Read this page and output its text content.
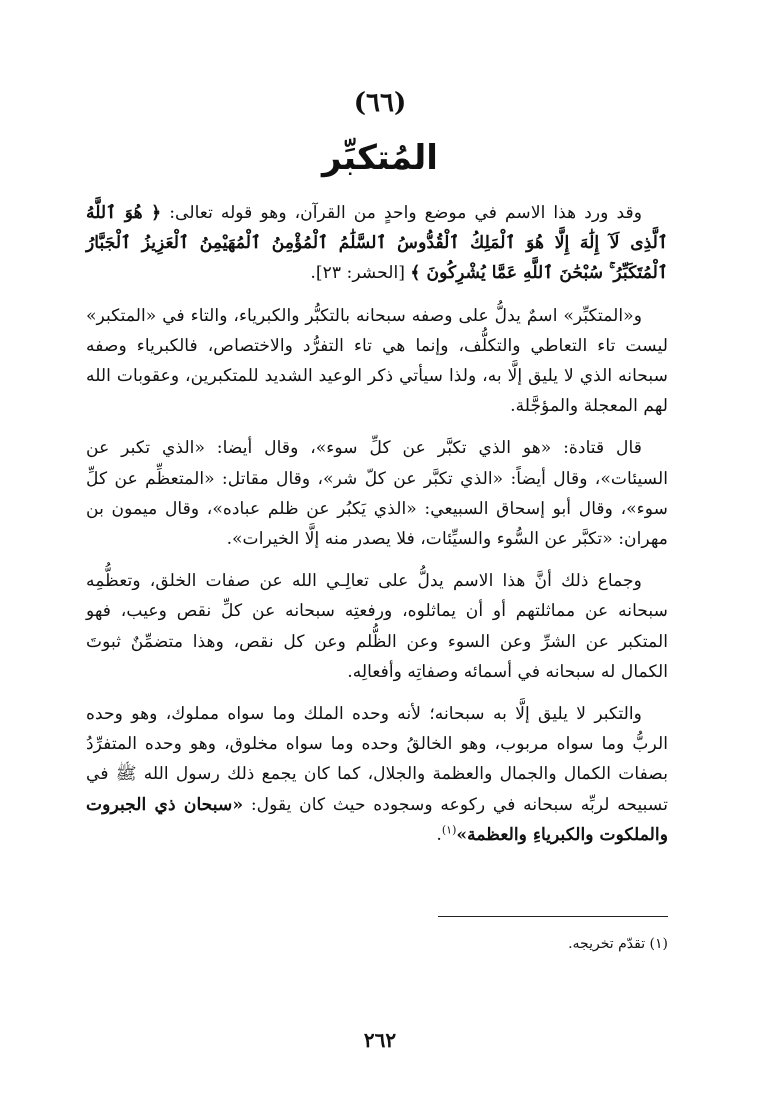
(٦٦)
المُتكبِّر

وقد ورد هذا الاسم في موضع واحدٍ من القرآن، وهو قوله تعالى: ﴿ هُوَ ٱللَّهُ ٱلَّذِى لَآ إِلَٰهَ إِلَّا هُوَ ٱلْمَلِكُ ٱلْقُدُّوسُ ٱلسَّلَٰمُ ٱلْمُؤْمِنُ ٱلْمُهَيْمِنُ ٱلْعَزِيزُ ٱلْجَبَّارُ ٱلْمُتَكَبِّرُ ۚ سُبْحَٰنَ ٱللَّهِ عَمَّا يُشْرِكُونَ ﴾ [الحشر: ٢٣].

و«المتكبِّر» اسمٌ يدلُّ على وصفه سبحانه بالتكبُّر والكبرياء، والتاء في «المتكبر» ليست تاء التعاطي والتكلُّف، وإنما هي تاء التفرُّد والاختصاص، فالكبرياء وصفه سبحانه الذي لا يليق إلَّا به، ولذا سيأتي ذكر الوعيد الشديد للمتكبرين، وعقوبات الله لهم المعجلة والمؤجَّلة.

قال قتادة: «هو الذي تكبَّر عن كلِّ سوء»، وقال أيضا: «الذي تكبر عن السيئات»، وقال أيضاً: «الذي تكبَّر عن كلّ شر»، وقال مقاتل: «المتعظِّم عن كلِّ سوء»، وقال أبو إسحاق السبيعي: «الذي يَكبُر عن ظلم عباده»، وقال ميمون بن مهران: «تكبَّر عن السُّوء والسيِّئات، فلا يصدر منه إلَّا الخيرات».

وجماع ذلك أنَّ هذا الاسم يدلُّ على تعالِـي الله عن صفات الخلق، وتعظُّمِه سبحانه عن مماثلتهم أو أن يماثلوه، ورفعتِه سبحانه عن كلِّ نقص وعيب، فهو المتكبر عن الشرِّ وعن السوء وعن الظُّلم وعن كل نقص، وهذا متضمِّنٌ ثبوتَ الكمال له سبحانه في أسمائه وصفاتِه وأفعالِه.

والتكبر لا يليق إلَّا به سبحانه؛ لأنه وحده الملك وما سواه مملوك، وهو وحده الربُّ وما سواه مربوب، وهو الخالقُ وحده وما سواه مخلوق، وهو وحده المتفرِّدُ بصفات الكمال والجمال والعظمة والجلال، كما كان يجمع ذلك رسول الله ﷺ في تسبيحه لربِّه سبحانه في ركوعه وسجوده حيث كان يقول: «سبحان ذي الجبروت والملكوت والكبرياءِ والعظمة»$^{(١)}$.

(١) تقدّم تخريجه.
٢٦٢
